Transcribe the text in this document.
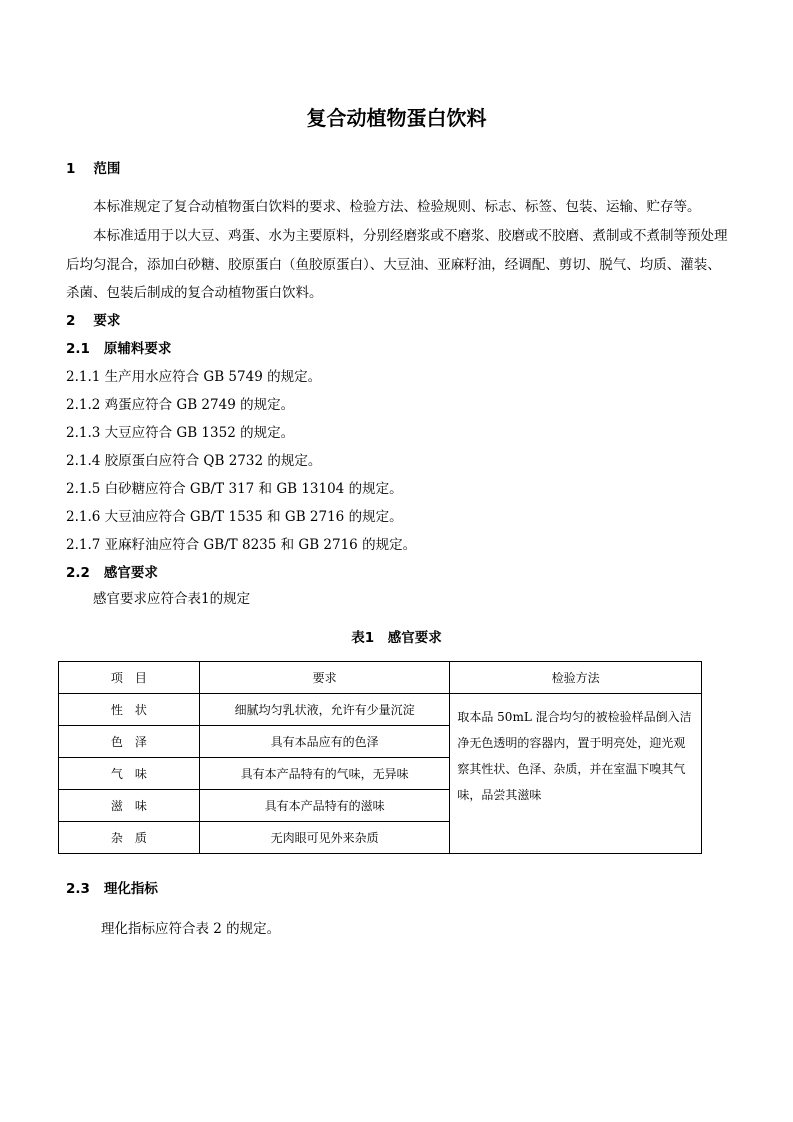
复合动植物蛋白饮料
1 范围
本标准规定了复合动植物蛋白饮料的要求、检验方法、检验规则、标志、标签、包装、运输、贮存等。
本标准适用于以大豆、鸡蛋、水为主要原料，分别经磨浆或不磨浆、胶磨或不胶磨、煮制或不煮制等预处理
后均匀混合，添加白砂糖、胶原蛋白（鱼胶原蛋白）、大豆油、亚麻籽油，经调配、剪切、脱气、均质、灌装、
杀菌、包装后制成的复合动植物蛋白饮料。
2 要求
2.1 原辅料要求
2.1.1 生产用水应符合 GB 5749 的规定。
2.1.2 鸡蛋应符合 GB 2749 的规定。
2.1.3 大豆应符合 GB 1352 的规定。
2.1.4 胶原蛋白应符合 QB 2732 的规定。
2.1.5 白砂糖应符合 GB/T 317 和 GB 13104 的规定。
2.1.6 大豆油应符合 GB/T 1535 和 GB 2716 的规定。
2.1.7 亚麻籽油应符合 GB/T 8235 和 GB 2716 的规定。
2.2 感官要求
感官要求应符合表1的规定
表1　感官要求
项　目	要求	检验方法
性　状	细腻均匀乳状液，允许有少量沉淀	取本品 50mL 混合均匀的被检验样品倒入洁净无色透明的容器内，置于明亮处，迎光观察其性状、色泽、杂质，并在室温下嗅其气味，品尝其滋味
色　泽	具有本品应有的色泽	
气　味	具有本产品特有的气味，无异味	
滋　味	具有本产品特有的滋味	
杂　质	无肉眼可见外来杂质	
2.3 理化指标
理化指标应符合表 2 的规定。
